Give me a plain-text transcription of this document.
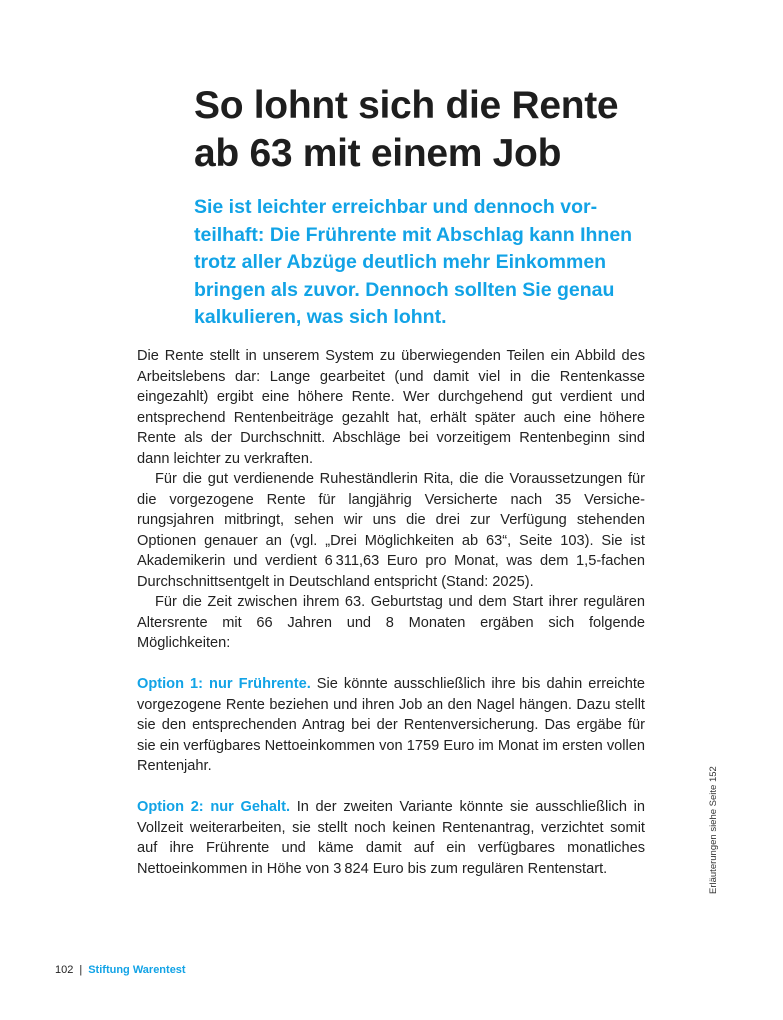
So lohnt sich die Rente
ab 63 mit einem Job

Sie ist leichter erreichbar und dennoch vorteilhaft: Die Frührente mit Abschlag kann Ihnen trotz aller Abzüge deutlich mehr Einkommen bringen als zuvor. Dennoch sollten Sie genau kalkulieren, was sich lohnt.

Die Rente stellt in unserem System zu überwiegenden Teilen ein Abbild des Arbeitslebens dar: Lange gearbeitet (und damit viel in die Rentenkasse eingezahlt) ergibt eine höhere Rente. Wer durchgehend gut verdient und entsprechend Rentenbeiträge gezahlt hat, erhält später auch eine höhere Rente als der Durchschnitt. Abschläge bei vorzeitigem Rentenbeginn sind dann leichter zu verkraften.

Für die gut verdienende Ruheständlerin Rita, die die Voraussetzungen für die vorgezogene Rente für langjährig Versicherte nach 35 Versicherungsjahren mitbringt, sehen wir uns die drei zur Verfügung stehenden Optionen genauer an (vgl. „Drei Möglichkeiten ab 63“, Seite 103). Sie ist Akademikerin und verdient 6 311,63 Euro pro Monat, was dem 1,5-fachen Durchschnittsentgelt in Deutschland entspricht (Stand: 2025).

Für die Zeit zwischen ihrem 63. Geburtstag und dem Start ihrer regulären Altersrente mit 66 Jahren und 8 Monaten ergäben sich folgende Möglichkeiten:

Option 1: nur Frührente. Sie könnte ausschließlich ihre bis dahin erreichte vorgezogene Rente beziehen und ihren Job an den Nagel hängen. Dazu stellt sie den entsprechenden Antrag bei der Rentenversicherung. Das ergäbe für sie ein verfügbares Nettoeinkommen von 1759 Euro im Monat im ersten vollen Rentenjahr.

Option 2: nur Gehalt. In der zweiten Variante könnte sie ausschließlich in Vollzeit weiterarbeiten, sie stellt noch keinen Rentenantrag, verzichtet somit auf ihre Frührente und käme damit auf ein verfügbares monatliches Nettoeinkommen in Höhe von 3 824 Euro bis zum regulären Rentenstart.	Erläuterungen siehe Seite 152
102 | Stiftung Warentest
